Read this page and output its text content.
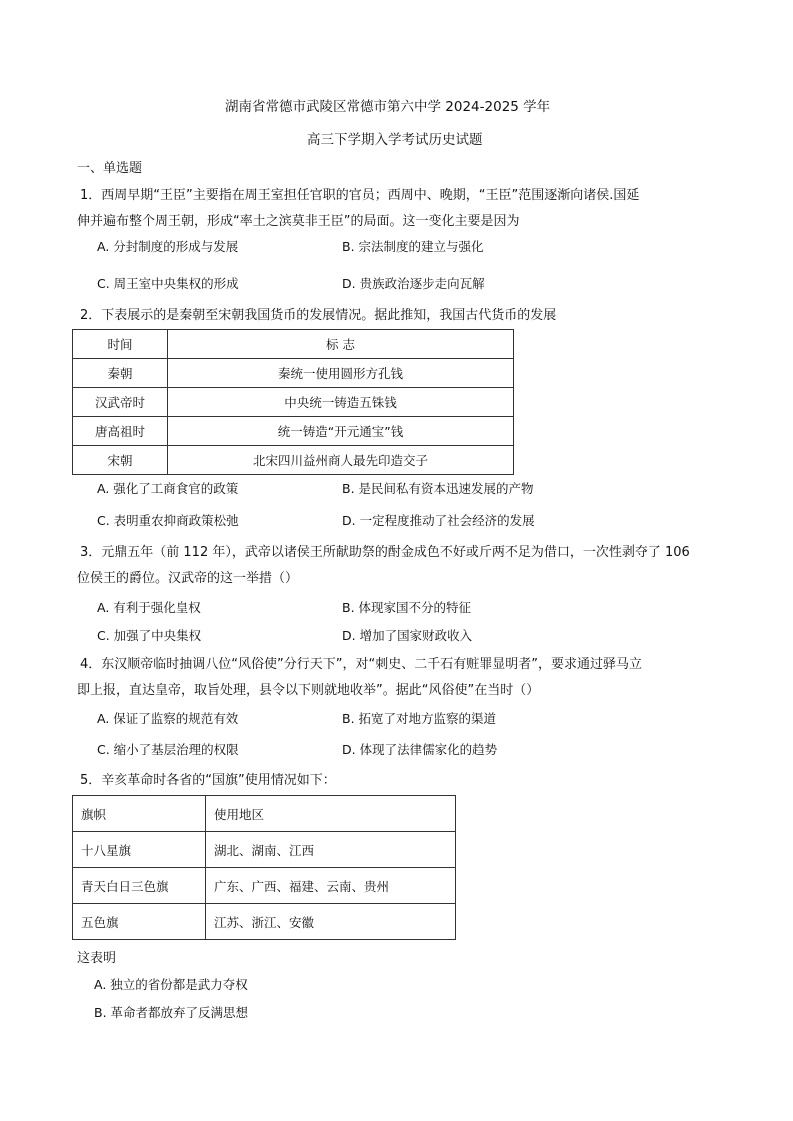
湖南省常德市武陵区常德市第六中学 2024-2025 学年
高三下学期入学考试历史试题
一、单选题
1．西周早期“王臣”主要指在周王室担任官职的官员；西周中、晚期，“王臣”范围逐渐向诸侯.国延
伸并遍布整个周王朝，形成“率土之滨莫非王臣”的局面。这一变化主要是因为
A. 分封制度的形成与发展	B. 宗法制度的建立与强化
C. 周王室中央集权的形成	D. 贵族政治逐步走向瓦解
2．下表展示的是秦朝至宋朝我国货币的发展情况。据此推知，我国古代货币的发展
时间	标 志
秦朝	秦统一使用圆形方孔钱
汉武帝时	中央统一铸造五铢钱
唐高祖时	统一铸造“开元通宝”钱
宋朝	北宋四川益州商人最先印造交子
A. 强化了工商食官的政策	B. 是民间私有资本迅速发展的产物
C. 表明重农抑商政策松弛	D. 一定程度推动了社会经济的发展
3．元鼎五年（前 112 年），武帝以诸侯王所献助祭的酎金成色不好或斤两不足为借口，一次性剥夺了 106
位侯王的爵位。汉武帝的这一举措（）
A. 有利于强化皇权	B. 体现家国不分的特征
C. 加强了中央集权	D. 增加了国家财政收入
4．东汉顺帝临时抽调八位“风俗使”分行天下”，对“刺史、二千石有赃罪显明者”，要求通过驿马立
即上报，直达皇帝，取旨处理，县令以下则就地收举”。据此“风俗使”在当时（）
A. 保证了监察的规范有效	B. 拓宽了对地方监察的渠道
C. 缩小了基层治理的权限	D. 体现了法律儒家化的趋势
5．辛亥革命时各省的“国旗”使用情况如下：
旗帜	使用地区
十八星旗	湖北、湖南、江西
青天白日三色旗	广东、广西、福建、云南、贵州
五色旗	江苏、浙江、安徽
这表明
A. 独立的省份都是武力夺权
B. 革命者都放弃了反满思想
